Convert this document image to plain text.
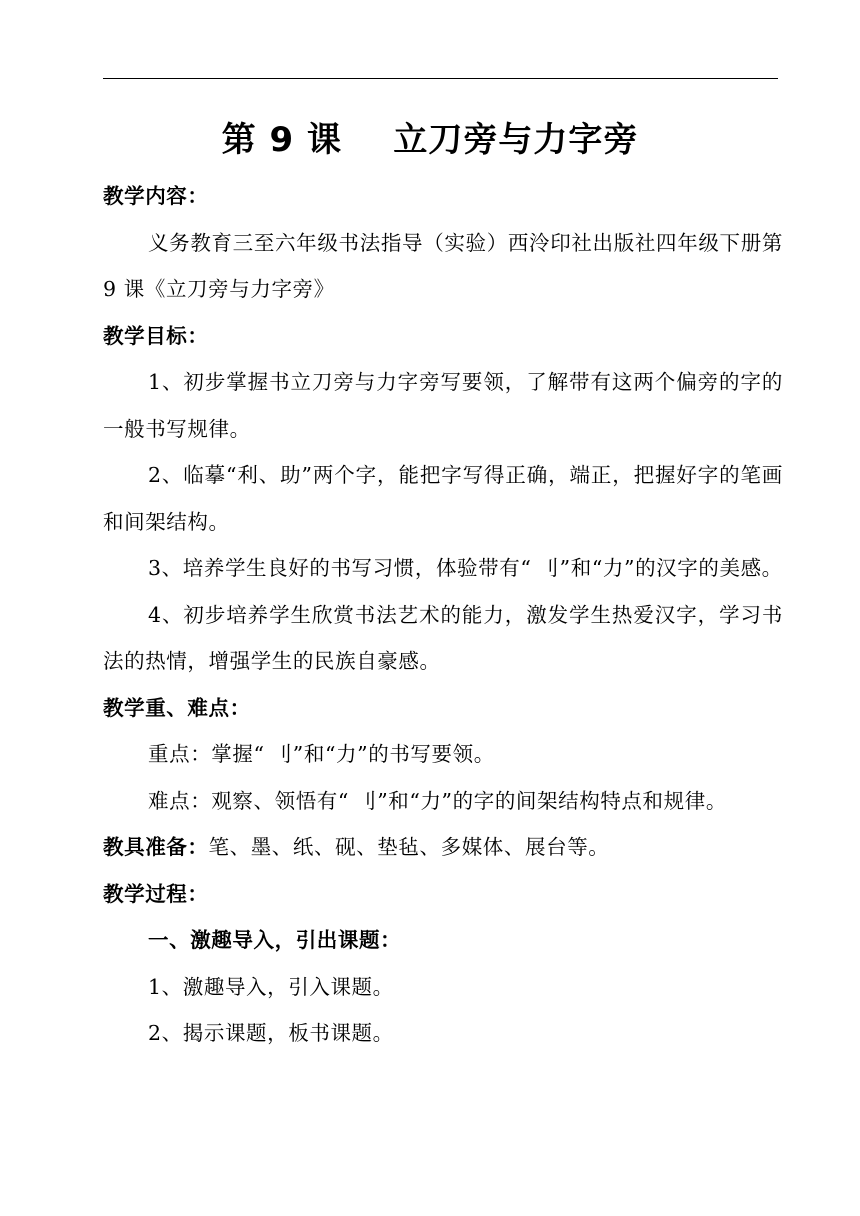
第 9 课    立刀旁与力字旁

教学内容：

义务教育三至六年级书法指导（实验）西泠印社出版社四年级下册第 9 课《立刀旁与力字旁》

教学目标：

1、初步掌握书立刀旁与力字旁写要领，了解带有这两个偏旁的字的一般书写规律。

2、临摹“利、助”两个字，能把字写得正确，端正，把握好字的笔画和间架结构。

3、培养学生良好的书写习惯，体验带有“ 刂”和“力”的汉字的美感。

4、初步培养学生欣赏书法艺术的能力，激发学生热爱汉字，学习书法的热情，增强学生的民族自豪感。

教学重、难点：

重点：掌握“ 刂”和“力”的书写要领。

难点：观察、领悟有“ 刂”和“力”的字的间架结构特点和规律。

教具准备：笔、墨、纸、砚、垫毡、多媒体、展台等。

教学过程：

一、激趣导入，引出课题：

1、激趣导入，引入课题。

2、揭示课题，板书课题。
